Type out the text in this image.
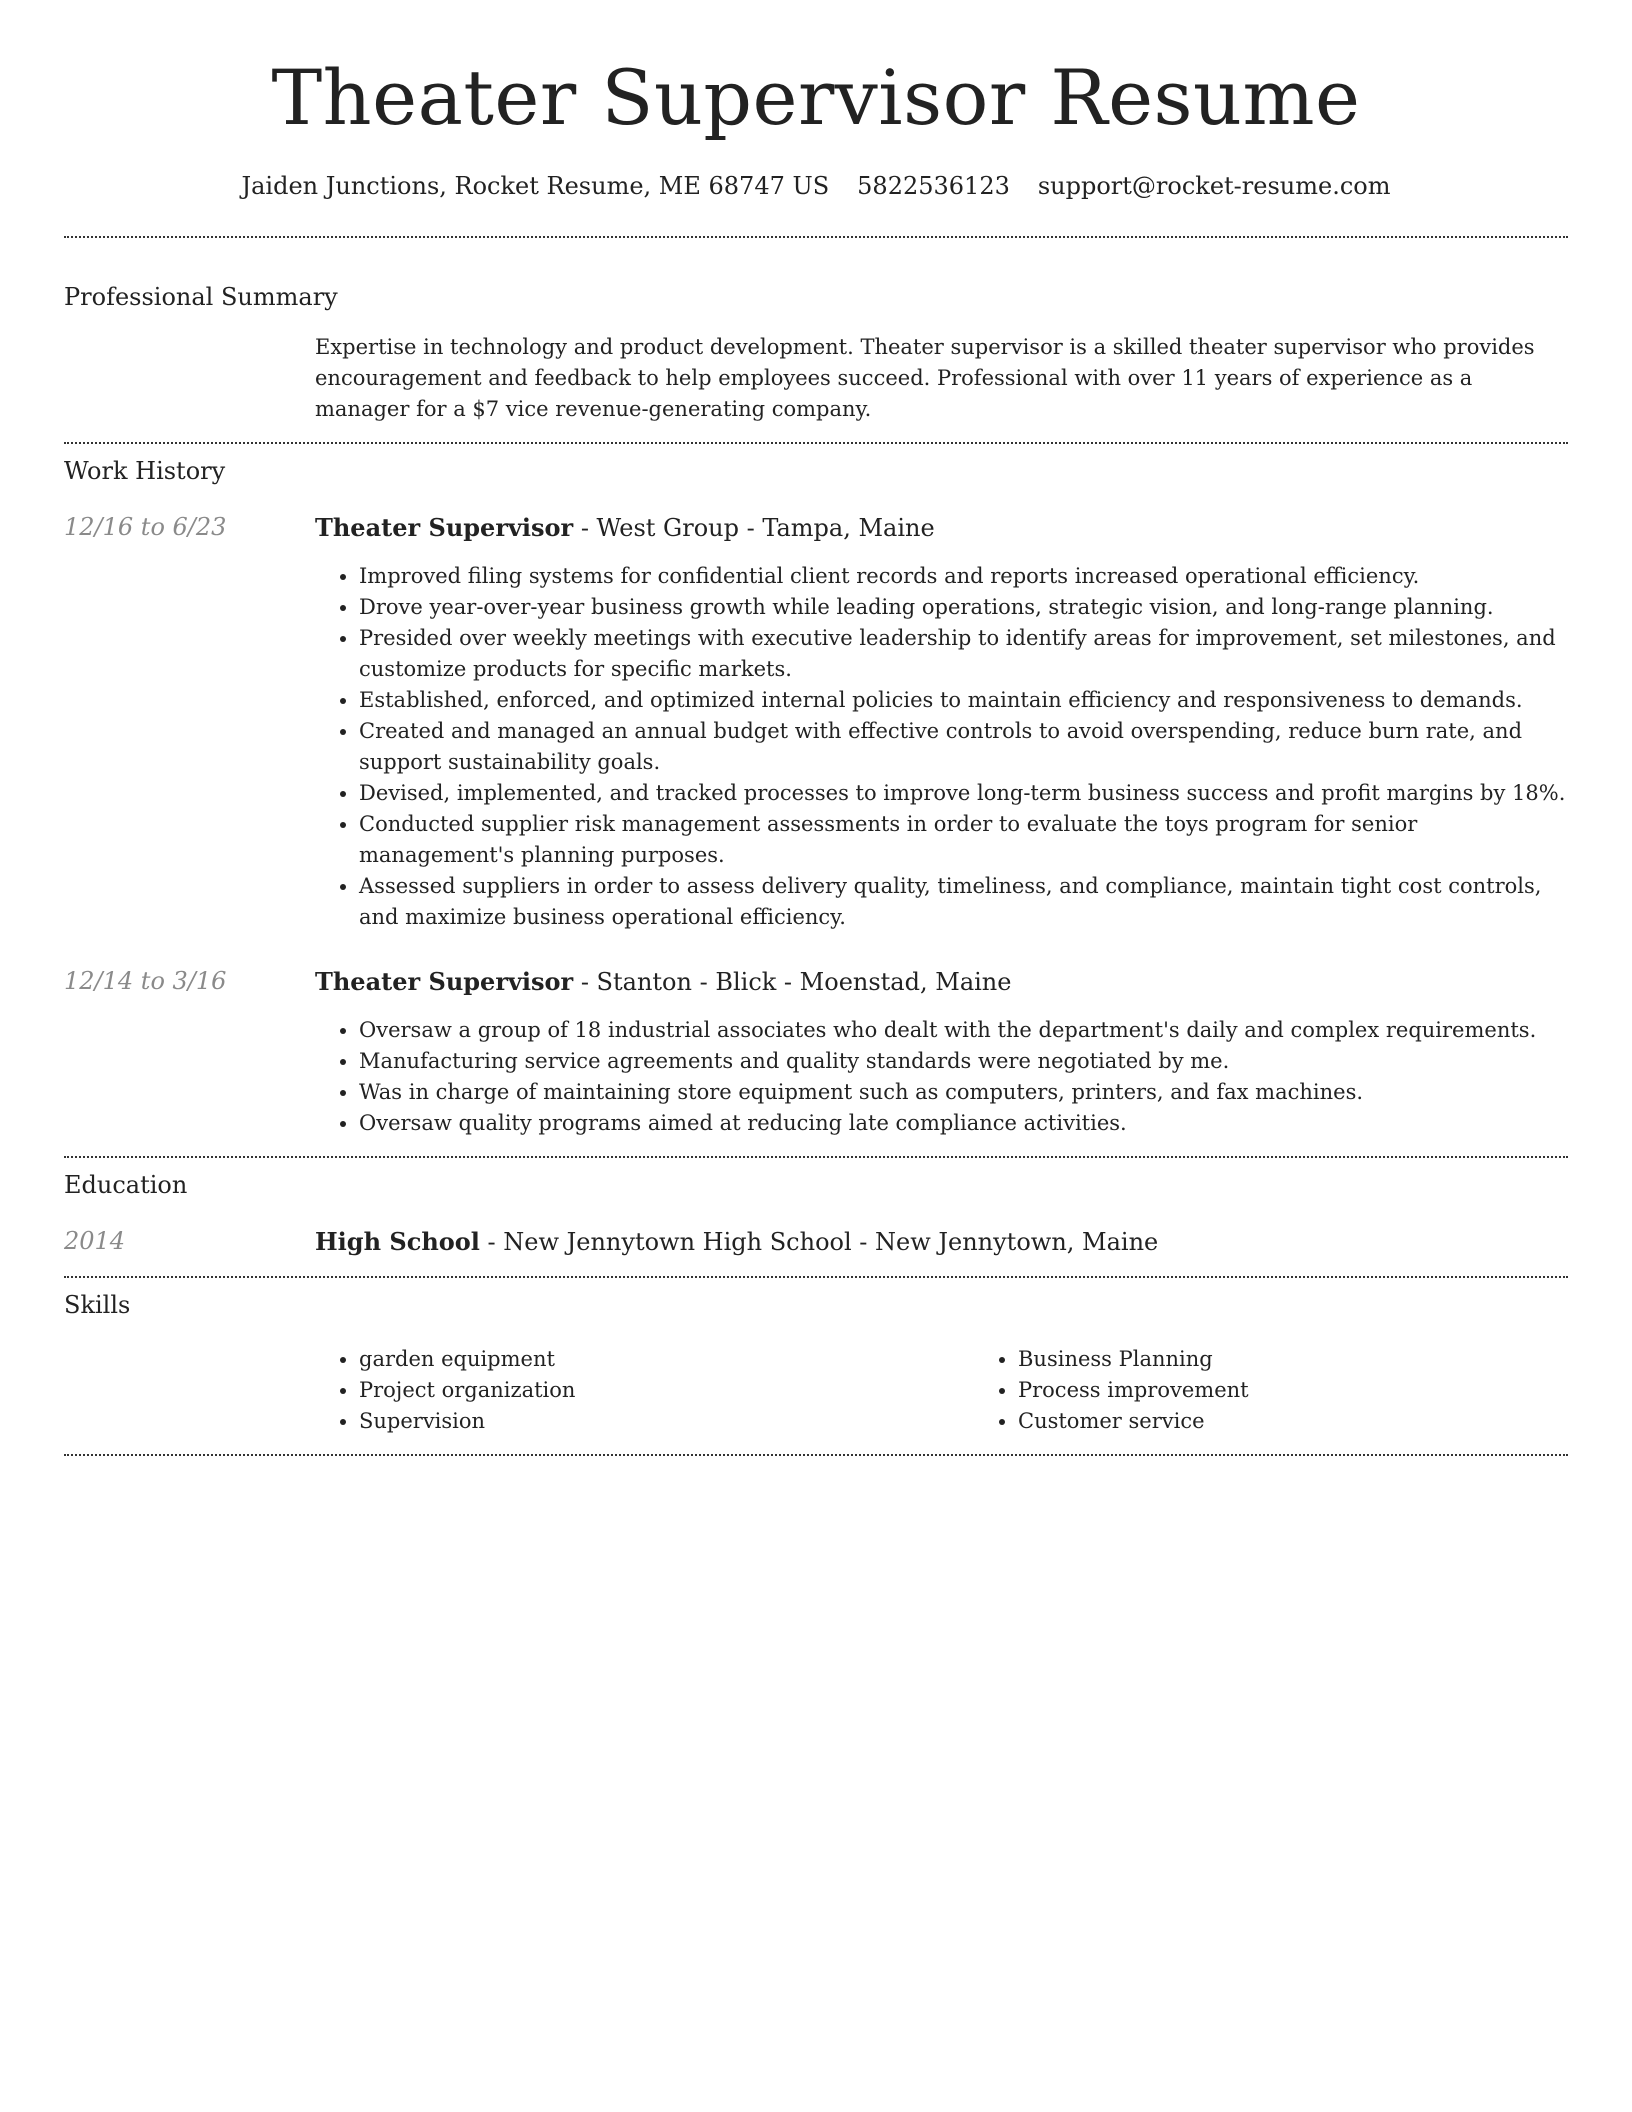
Theater Supervisor Resume
Jaiden Junctions, Rocket Resume, ME 68747 US 5822536123 support@rocket-resume.com
Professional Summary

Expertise in technology and product development. Theater supervisor is a skilled theater supervisor who provides encouragement and feedback to help employees succeed. Professional with over 11 years of experience as a manager for a $7 vice revenue-generating company.

Work History
12/16 to 6/23	Theater Supervisor - West Group - Tampa, Maine
• Improved filing systems for confidential client records and reports increased operational efficiency.
• Drove year-over-year business growth while leading operations, strategic vision, and long-range planning.
• Presided over weekly meetings with executive leadership to identify areas for improvement, set milestones, and customize products for specific markets.
• Established, enforced, and optimized internal policies to maintain efficiency and responsiveness to demands.
• Created and managed an annual budget with effective controls to avoid overspending, reduce burn rate, and support sustainability goals.
• Devised, implemented, and tracked processes to improve long-term business success and profit margins by 18%.
• Conducted supplier risk management assessments in order to evaluate the toys program for senior management's planning purposes.
• Assessed suppliers in order to assess delivery quality, timeliness, and compliance, maintain tight cost controls, and maximize business operational efficiency.
12/14 to 3/16	Theater Supervisor - Stanton - Blick - Moenstad, Maine
• Oversaw a group of 18 industrial associates who dealt with the department's daily and complex requirements.
• Manufacturing service agreements and quality standards were negotiated by me.
• Was in charge of maintaining store equipment such as computers, printers, and fax machines.
• Oversaw quality programs aimed at reducing late compliance activities.
Education
2014	High School - New Jennytown High School - New Jennytown, Maine
Skills
• garden equipment
• Project organization
• Supervision
• Business Planning
• Process improvement
• Customer service
